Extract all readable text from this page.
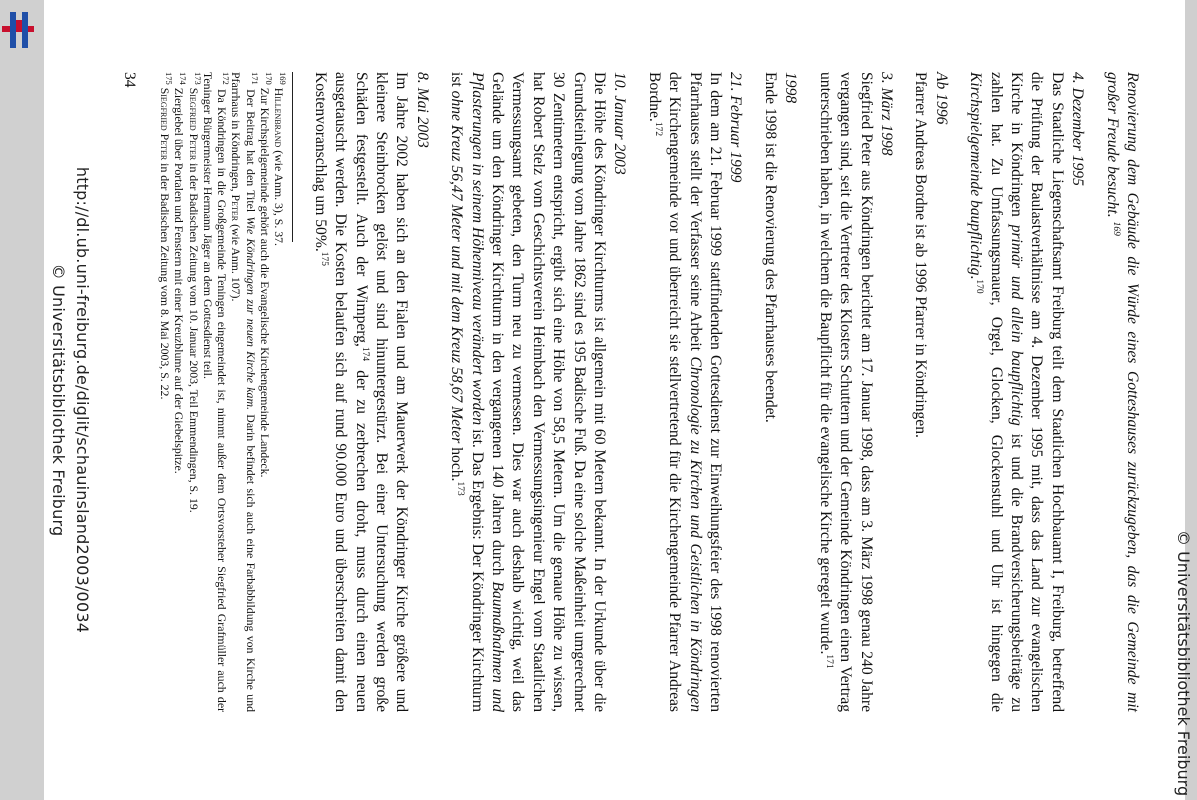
© Universitätsbibliothek Freiburg

Renovierung dem Gebäude die Würde eines Gotteshauses zurückzugeben, das die Gemeinde mit großer Freude besucht. $^{169}$

4. Dezember 1995

Das Staatliche Liegenschaftsamt Freiburg teilt dem Staatlichen Hochbauamt I, Freiburg, betreffend die Prüfung der Baulastverhältnisse am 4. Dezember 1995 mit, dass das Land zur evangelischen Kirche in Köndringen primär und allein baupflichtig ist und die Brandversicherungsbeiträge zu zahlen hat. Zu Umfassungsmauer, Orgel, Glocken, Glockenstuhl und Uhr ist hingegen die Kirchspielgemeinde baupflichtig.$^{170}$

Ab 1996

Pfarrer Andreas Bordne ist ab 1996 Pfarrer in Köndringen.

3. März 1998

Siegfried Peter aus Köndringen berichtet am 17. Januar 1998, dass am 3. März 1998 genau 240 Jahre vergangen sind, seit die Vertreter des Klosters Schuttern und der Gemeinde Köndringen einen Vertrag unterschrieben haben, in welchem die Baupflicht für die evangelische Kirche geregelt wurde.$^{171}$

1998

Ende 1998 ist die Renovierung des Pfarrhauses beendet.

21. Februar 1999

In dem am 21. Februar 1999 stattfindenden Gottesdienst zur Einweihungsfeier des 1998 renovierten Pfarrhauses stellt der Verfasser seine Arbeit Chronologie zu Kirchen und Geistlichen in Köndringen der Kirchengemeinde vor und überreicht sie stellvertretend für die Kirchengemeinde Pfarrer Andreas Bordne.$^{172}$

10. Januar 2003

Die Höhe des Köndringer Kirchturms ist allgemein mit 60 Metern bekannt. In der Urkunde über die Grundsteinlegung vom Jahre 1862 sind es 195 Badische Fuß. Da eine solche Maßeinheit umgerechnet 30 Zentimetern entspricht, ergibt sich eine Höhe von 58,5 Metern. Um die genaue Höhe zu wissen, hat Robert Stelz vom Geschichtsverein Heimbach den Vermessungsingenieur Engel vom Staatlichen Vermessungsamt gebeten, den Turm neu zu vermessen. Dies war auch deshalb wichtig, weil das Gelände um den Köndringer Kirchturm in den vergangenen 140 Jahren durch Baumaßnahmen und Pflasterungen in seinem Höhenniveau verändert worden ist. Das Ergebnis: Der Köndringer Kirchturm ist ohne Kreuz 56,47 Meter und mit dem Kreuz 58,67 Meter hoch.$^{173}$

8. Mai 2003

Im Jahre 2002 haben sich an den Fialen und am Mauerwerk der Köndringer Kirche größere und kleinere Steinbrocken gelöst und sind hinuntergestürzt. Bei einer Untersuchung werden große Schäden festgestellt. Auch der Wimperg,$^{174}$ der zu zerbrechen droht, muss durch einen neuen ausgetauscht werden. Die Kosten belaufen sich auf rund 90.000 Euro und überschreiten damit den Kostenvoranschlag um 50%.$^{175}$

$^{169}$ Hillenbrand (wie Anm. 3), S. 37.

$^{170}$ Zur Kirchspielgemeinde gehört auch die Evangelische Kirchengemeinde Landeck.

$^{171}$ Der Beitrag hat den Titel Wie Köndringen zur neuen Kirche kam. Darin befindet sich auch eine Farbabbildung von Kirche und Pfarrhaus in Köndringen, Peter (wie Anm. 107).

$^{172}$ Da Köndringen in die Großgemeinde Teningen eingemeindet ist, nimmt außer dem Ortsvorsteher Siegfried Grafmüller auch der Teninger Bürgermeister Hermann Jäger an dem Gottesdienst teil.

$^{173}$ Siegfried Peter in der Badischen Zeitung vom 10. Januar 2003, Teil Emmendingen, S. 19.

$^{174}$ Ziergiebel über Portalen und Fenstern mit einer Kreuzblume auf der Giebelspitze.

$^{175}$ Siegfried Peter in der Badischen Zeitung vom 8. Mai 2003, S. 22.

34
http://dl.ub.uni-freiburg.de/diglit/schauinsland2003/0034
© Universitätsbibliothek Freiburg
